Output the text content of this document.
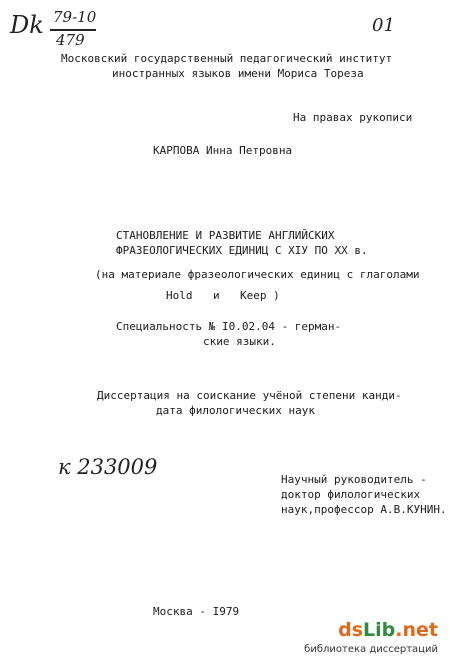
Dk 79-10
479
01
Московский государственный педагогический институт
иностранных языков имени Мориса Тореза
На правах рукописи
КАРПОВА Инна Петровна
СТАНОВЛЕНИЕ И РАЗВИТИЕ АНГЛИЙСКИХ
ФРАЗЕОЛОГИЧЕСКИХ ЕДИНИЦ С XIУ ПО XX в.
(на материале фразеологических единиц с глаголами
Hold и Keep )
Специальность № I0.02.04 - герман-
ские языки.
Диссертация на соискание учёной степени канди-
дата филологических наук
к 233009
Научный руководитель -
доктор филологических
наук,профессор А.В.КУНИН.
Москва - I979
dsLib.net
библиотека диссертаций
